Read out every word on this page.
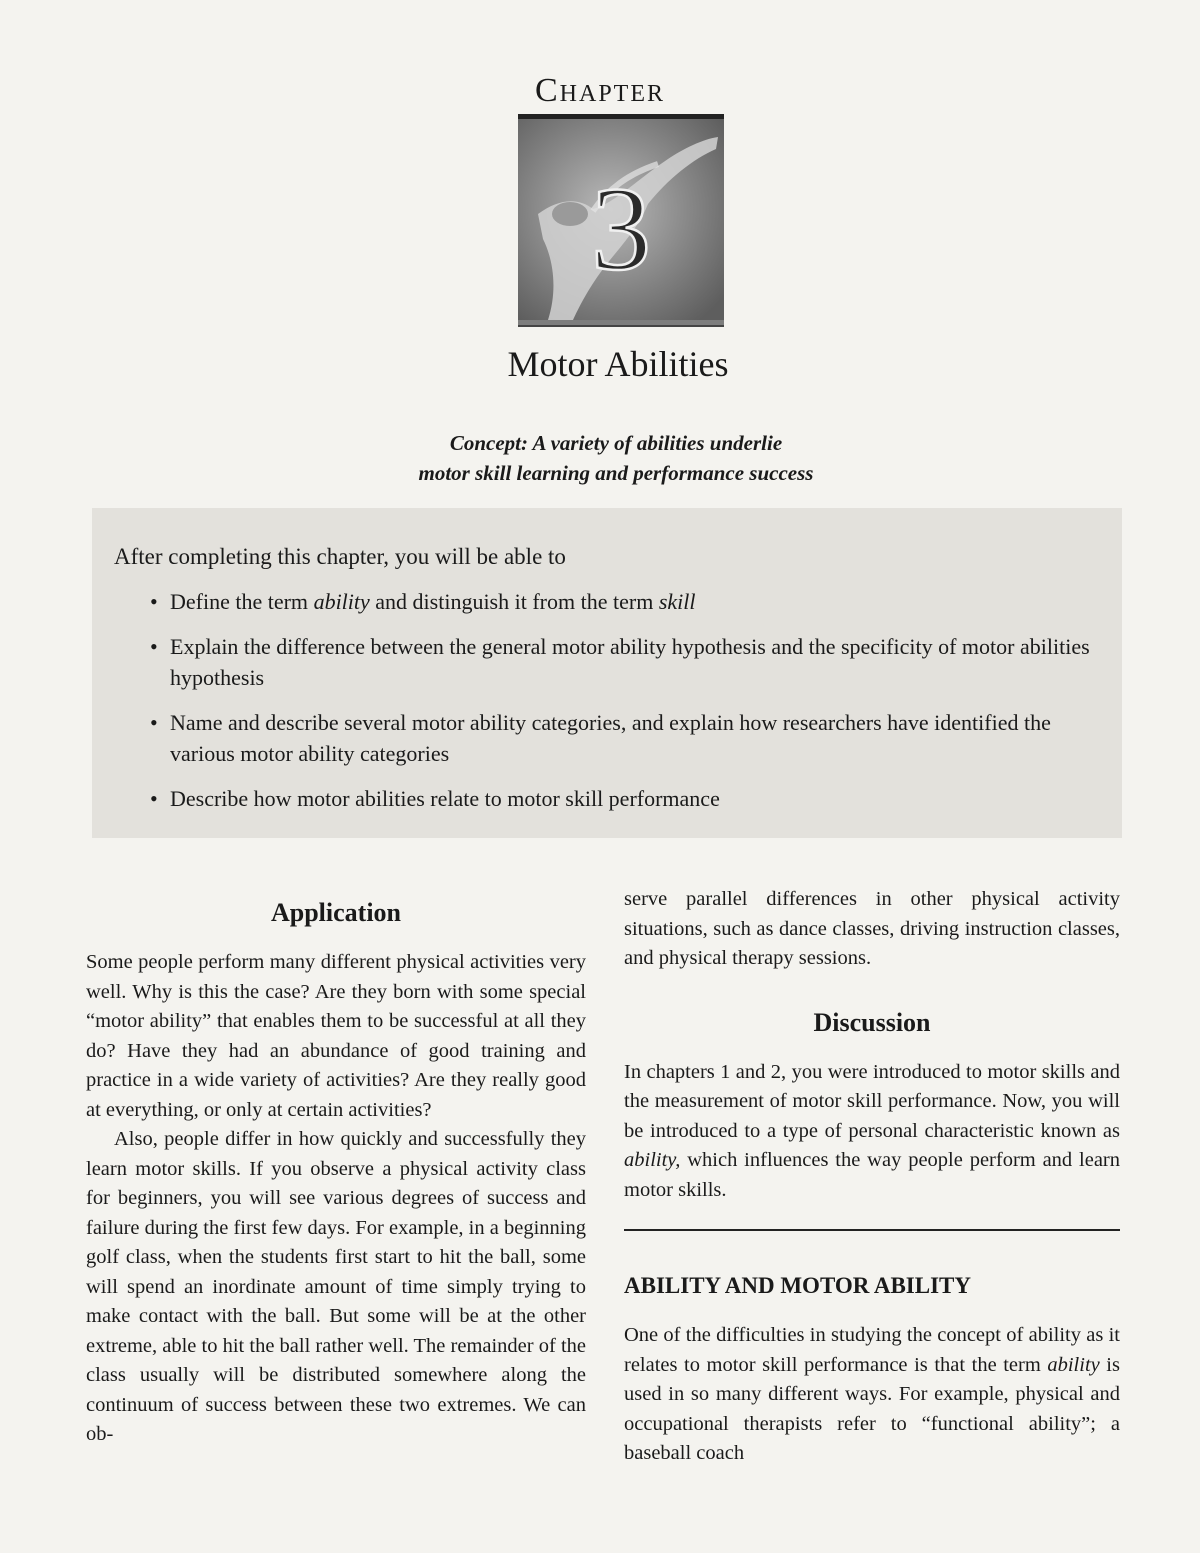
Chapter
3
Motor Abilities
Concept: A variety of abilities underlie
motor skill learning and performance success
After completing this chapter, you will be able to
• Define the term ability and distinguish it from the term skill
• Explain the difference between the general motor ability hypothesis and the specificity of motor abilities hypothesis
• Name and describe several motor ability categories, and explain how researchers have identified the various motor ability categories
• Describe how motor abilities relate to motor skill performance
Application

Some people perform many different physical activities very well. Why is this the case? Are they born with some special “motor ability” that enables them to be successful at all they do? Have they had an abundance of good training and practice in a wide variety of activities? Are they really good at everything, or only at certain activities?

Also, people differ in how quickly and successfully they learn motor skills. If you observe a physical activity class for beginners, you will see various degrees of success and failure during the first few days. For example, in a beginning golf class, when the students first start to hit the ball, some will spend an inordinate amount of time simply trying to make contact with the ball. But some will be at the other extreme, able to hit the ball rather well. The remainder of the class usually will be distributed somewhere along the continuum of success between these two extremes. We can ob-

serve parallel differences in other physical activity situations, such as dance classes, driving instruction classes, and physical therapy sessions.

Discussion

In chapters 1 and 2, you were introduced to motor skills and the measurement of motor skill performance. Now, you will be introduced to a type of personal characteristic known as ability, which influences the way people perform and learn motor skills.

ABILITY AND MOTOR ABILITY

One of the difficulties in studying the concept of ability as it relates to motor skill performance is that the term ability is used in so many different ways. For example, physical and occupational therapists refer to “functional ability”; a baseball coach
